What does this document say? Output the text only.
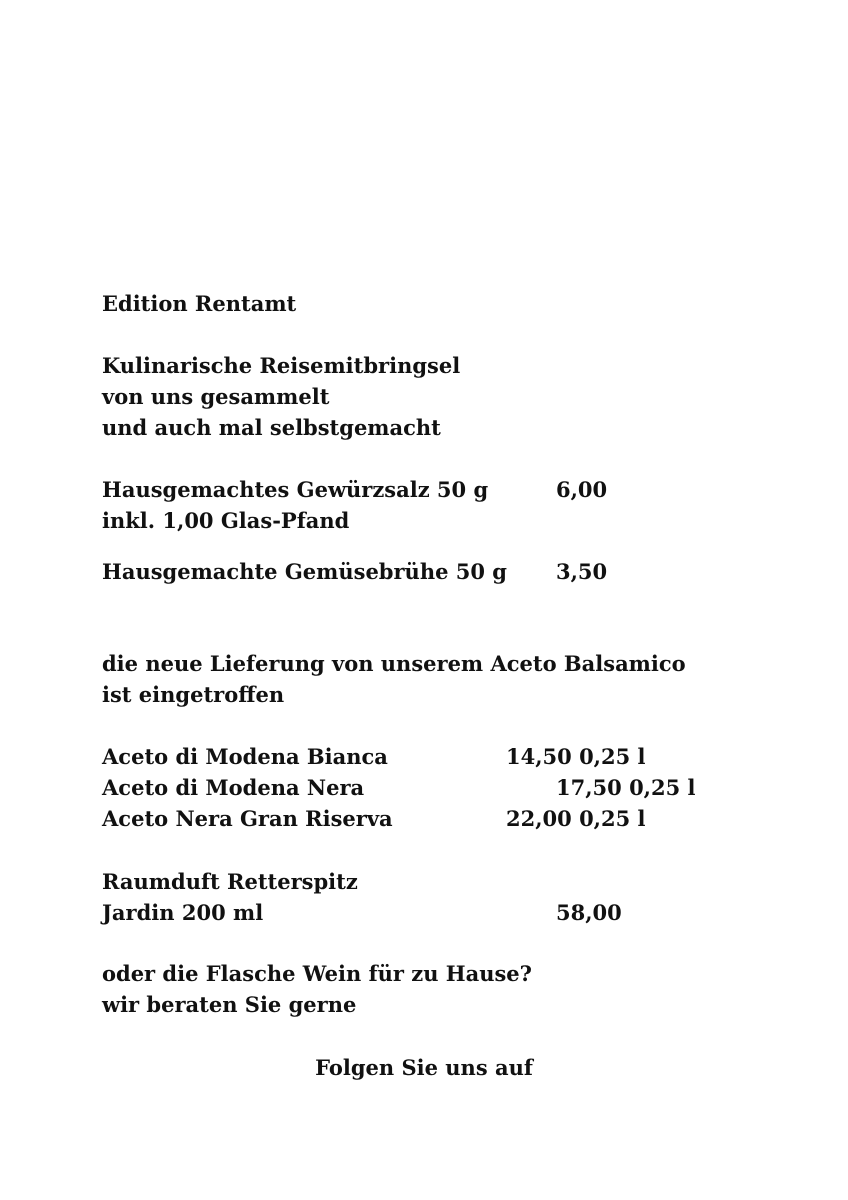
Edition Rentamt
Kulinarische Reisemitbringsel
von uns gesammelt
und auch mal selbstgemacht
Hausgemachtes Gewürzsalz 50 g	6,00
inkl. 1,00 Glas-Pfand
Hausgemachte Gemüsebrühe 50 g 3,50
die neue Lieferung von unserem Aceto Balsamico
ist eingetroffen
Aceto di Modena Bianca	14,50 0,25 l
Aceto di Modena Nera	17,50 0,25 l
Aceto Nera Gran Riserva	22,00 0,25 l
Raumduft Retterspitz
Jardin 200 ml	58,00
oder die Flasche Wein für zu Hause?
wir beraten Sie gerne
Folgen Sie uns auf
